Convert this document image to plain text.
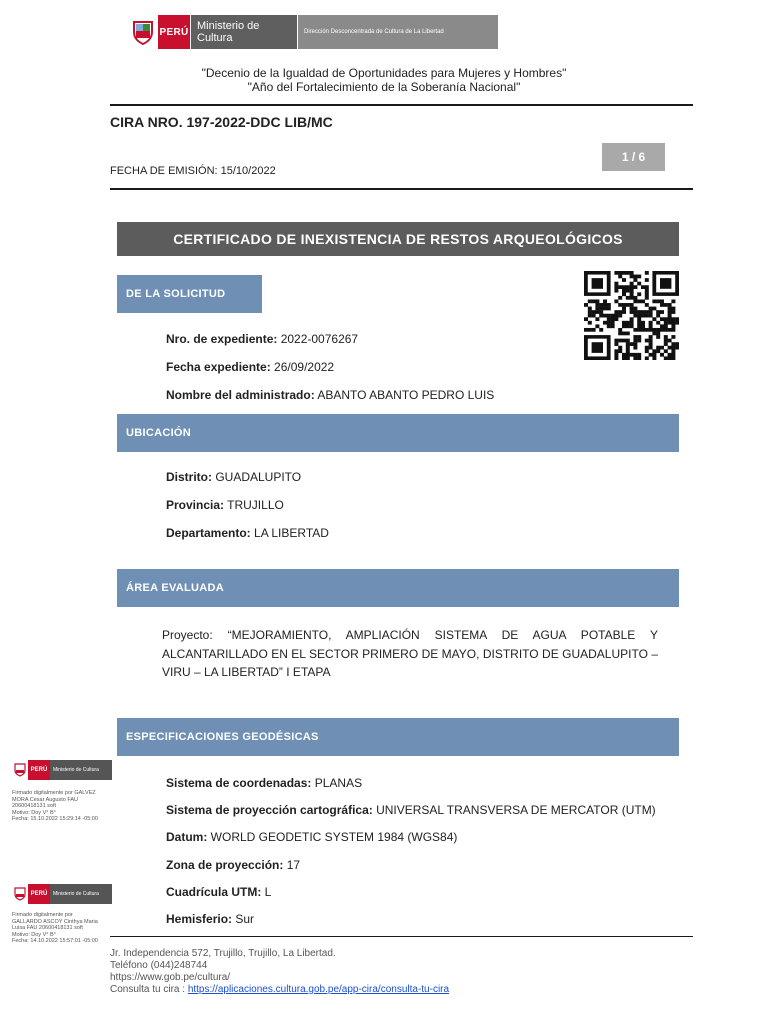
PERÚ Ministerio de Cultura	Dirección Desconcentrada de Cultura de La Libertad
"Decenio de la Igualdad de Oportunidades para Mujeres y Hombres"
"Año del Fortalecimiento de la Soberanía Nacional"
CIRA NRO. 197-2022-DDC LIB/MC
1 / 6
FECHA DE EMISIÓN: 15/10/2022
CERTIFICADO DE INEXISTENCIA DE RESTOS ARQUEOLÓGICOS
DE LA SOLICITUD
Nro. de expediente: 2022-0076267
Fecha expediente: 26/09/2022
Nombre del administrado: ABANTO ABANTO PEDRO LUIS
UBICACIÓN
Distrito: GUADALUPITO
Provincia: TRUJILLO
Departamento: LA LIBERTAD
ÁREA EVALUADA
Proyecto: “MEJORAMIENTO, AMPLIACIÓN SISTEMA DE AGUA POTABLE Y ALCANTARILLADO EN EL SECTOR PRIMERO DE MAYO, DISTRITO DE GUADALUPITO – VIRU – LA LIBERTAD” I ETAPA
ESPECIFICACIONES GEODÉSICAS
Sistema de coordenadas: PLANAS
Sistema de proyección cartográfica: UNIVERSAL TRANSVERSA DE MERCATOR (UTM)
Datum: WORLD GEODETIC SYSTEM 1984 (WGS84)
Zona de proyección: 17
Cuadrícula UTM: L
Hemisferio: Sur
PERÚ	Ministerio de Cultura
Firmado digitalmente por GALVEZ
MORA Cesar Augusto FAU
20600418131 soft
Motivo: Doy V° B°
Fecha: 15.10.2022 15:29:14 -05:00
PERÚ	Ministerio de Cultura
Firmado digitalmente por
GALLARDO ASCOY Cinthya Maria
Luisa FAU 20600418131 soft
Motivo: Doy V° B°
Fecha: 14.10.2022 15:57:01 -05:00
Jr. Independencia 572, Trujillo, Trujillo, La Libertad.
Teléfono (044)248744
https://www.gob.pe/cultura/
Consulta tu cira : https://aplicaciones.cultura.gob.pe/app-cira/consulta-tu-cira
